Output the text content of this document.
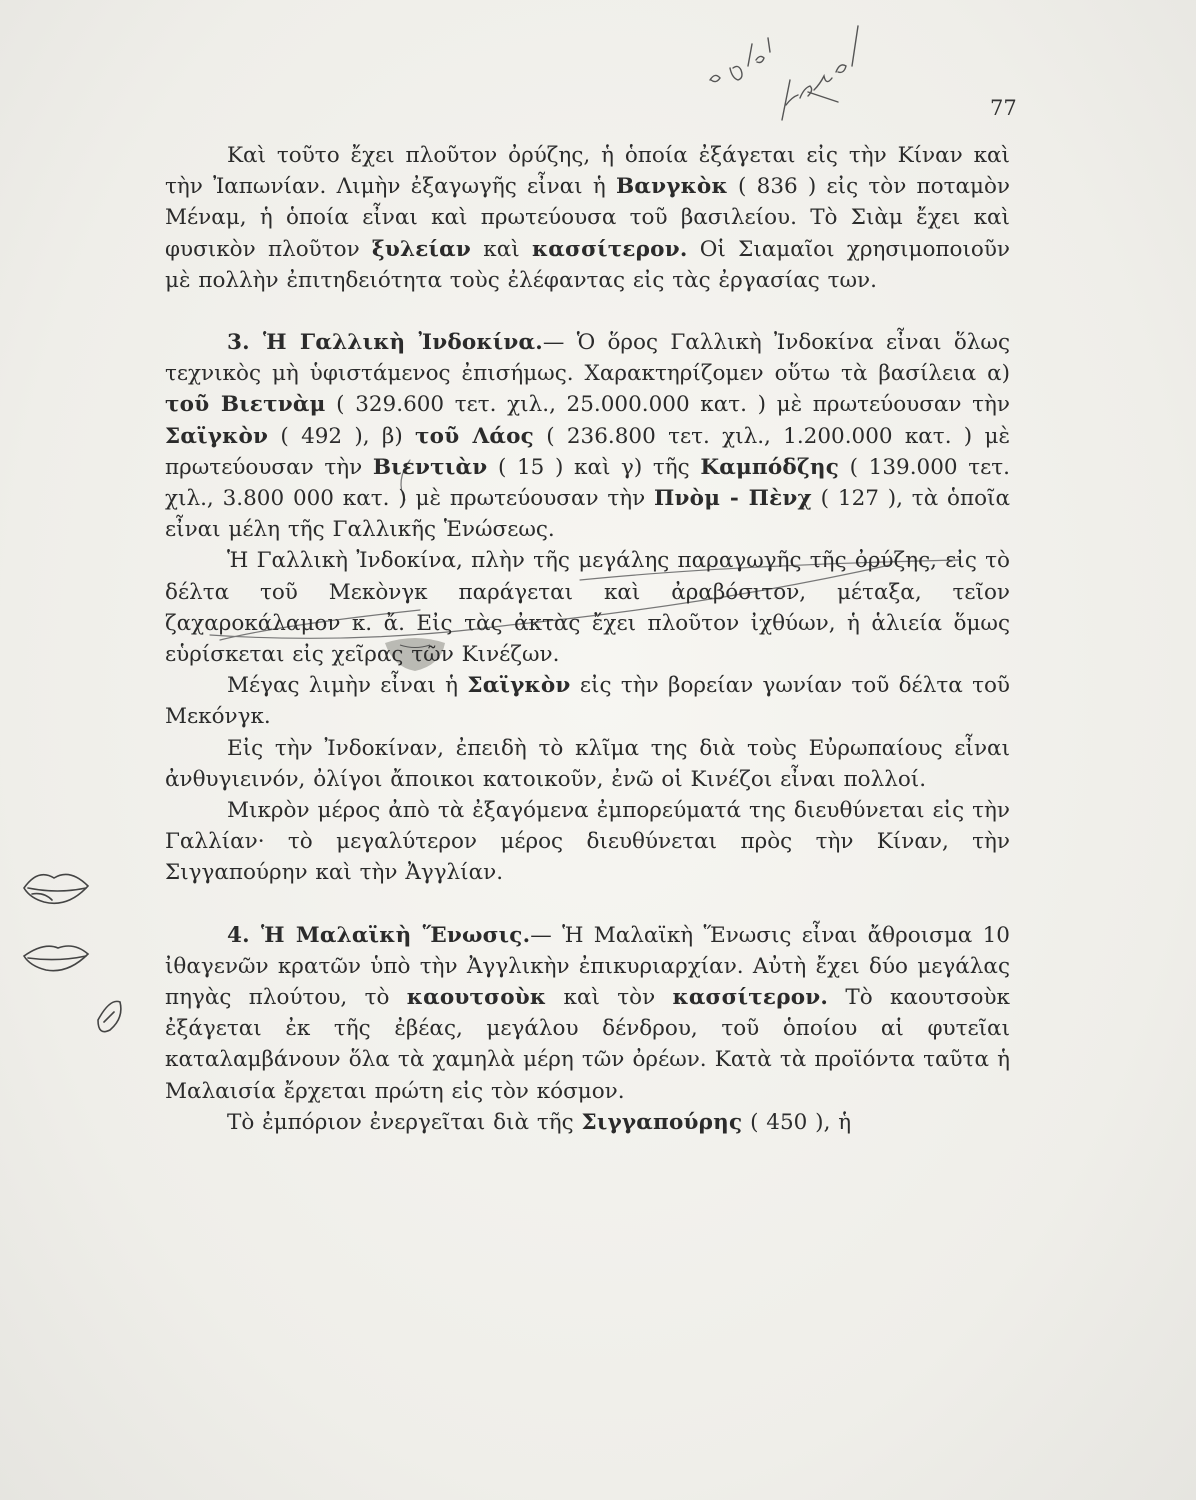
77

Καὶ τοῦτο ἔχει πλοῦτον ὀρύζης, ἡ ὁποία ἐξάγεται εἰς τὴν Κίναν καὶ τὴν Ἰαπωνίαν. Λιμὴν ἐξαγωγῆς εἶναι ἡ Βανγκὸκ ( 836 ) εἰς τὸν ποταμὸν Μέναμ, ἡ ὁποία εἶναι καὶ πρωτεύουσα τοῦ βασιλείου. Τὸ Σιὰμ ἔχει καὶ φυσικὸν πλοῦτον ξυλείαν καὶ κασσίτερον. Οἱ Σιαμαῖοι χρησιμοποιοῦν μὲ πολλὴν ἐπιτηδειότητα τοὺς ἐλέφαντας εἰς τὰς ἐργασίας των.

3. Ἡ Γαλλικὴ Ἰνδοκίνα.— Ὁ ὅρος Γαλλικὴ Ἰνδοκίνα εἶναι ὅλως τεχνικὸς μὴ ὑφιστάμενος ἐπισήμως. Χαρακτηρίζομεν οὕτω τὰ βασίλεια α) τοῦ Βιετνὰμ ( 329.600 τετ. χιλ., 25.000.000 κατ. ) μὲ πρωτεύουσαν τὴν Σαϊγκὸν ( 492 ), β) τοῦ Λάος ( 236.800 τετ. χιλ., 1.200.000 κατ. ) μὲ πρωτεύουσαν τὴν Βιεντιὰν ( 15 ) καὶ γ) τῆς Καμπόδζης ( 139.000 τετ. χιλ., 3.800 000 κατ. ) μὲ πρωτεύουσαν τὴν Πνὸμ - Πὲνχ ( 127 ), τὰ ὁποῖα εἶναι μέλη τῆς Γαλλικῆς Ἑνώσεως.

Ἡ Γαλλικὴ Ἰνδοκίνα, πλὴν τῆς μεγάλης παραγωγῆς τῆς ὀρύζης, εἰς τὸ δέλτα τοῦ Μεκὸνγκ παράγεται καὶ ἀραβόσιτον, μέταξα, τεῖον ζαχαροκάλαμον κ. ἄ. Εἰς τὰς ἀκτὰς ἔχει πλοῦτον ἰχθύων, ἡ ἁλιεία ὅμως εὑρίσκεται εἰς χεῖρας τῶν Κινέζων.

Μέγας λιμὴν εἶναι ἡ Σαϊγκὸν εἰς τὴν βορείαν γωνίαν τοῦ δέλτα τοῦ Μεκόνγκ.

Εἰς τὴν Ἰνδοκίναν, ἐπειδὴ τὸ κλῖμα της διὰ τοὺς Εὐρωπαίους εἶναι ἀνθυγιεινόν, ὀλίγοι ἄποικοι κατοικοῦν, ἐνῶ οἱ Κινέζοι εἶναι πολλοί.

Μικρὸν μέρος ἀπὸ τὰ ἐξαγόμενα ἐμπορεύματά της διευθύνεται εἰς τὴν Γαλλίαν· τὸ μεγαλύτερον μέρος διευθύνεται πρὸς τὴν Κίναν, τὴν Σιγγαπούρην καὶ τὴν Ἀγγλίαν.

4. Ἡ Μαλαϊκὴ Ἕνωσις.— Ἡ Μαλαϊκὴ Ἕνωσις εἶναι ἄθροισμα 10 ἰθαγενῶν κρατῶν ὑπὸ τὴν Ἀγγλικὴν ἐπικυριαρχίαν. Αὐτὴ ἔχει δύο μεγάλας πηγὰς πλούτου, τὸ καουτσοὺκ καὶ τὸν κασσίτερον. Τὸ καουτσοὺκ ἐξάγεται ἐκ τῆς ἐβέας, μεγάλου δένδρου, τοῦ ὁποίου αἱ φυτεῖαι καταλαμβάνουν ὅλα τὰ χαμηλὰ μέρη τῶν ὀρέων. Κατὰ τὰ προϊόντα ταῦτα ἡ Μαλαισία ἔρχεται πρώτη εἰς τὸν κόσμον.

Τὸ ἐμπόριον ἐνεργεῖται διὰ τῆς Σιγγαπούρης ( 450 ), ἡ
